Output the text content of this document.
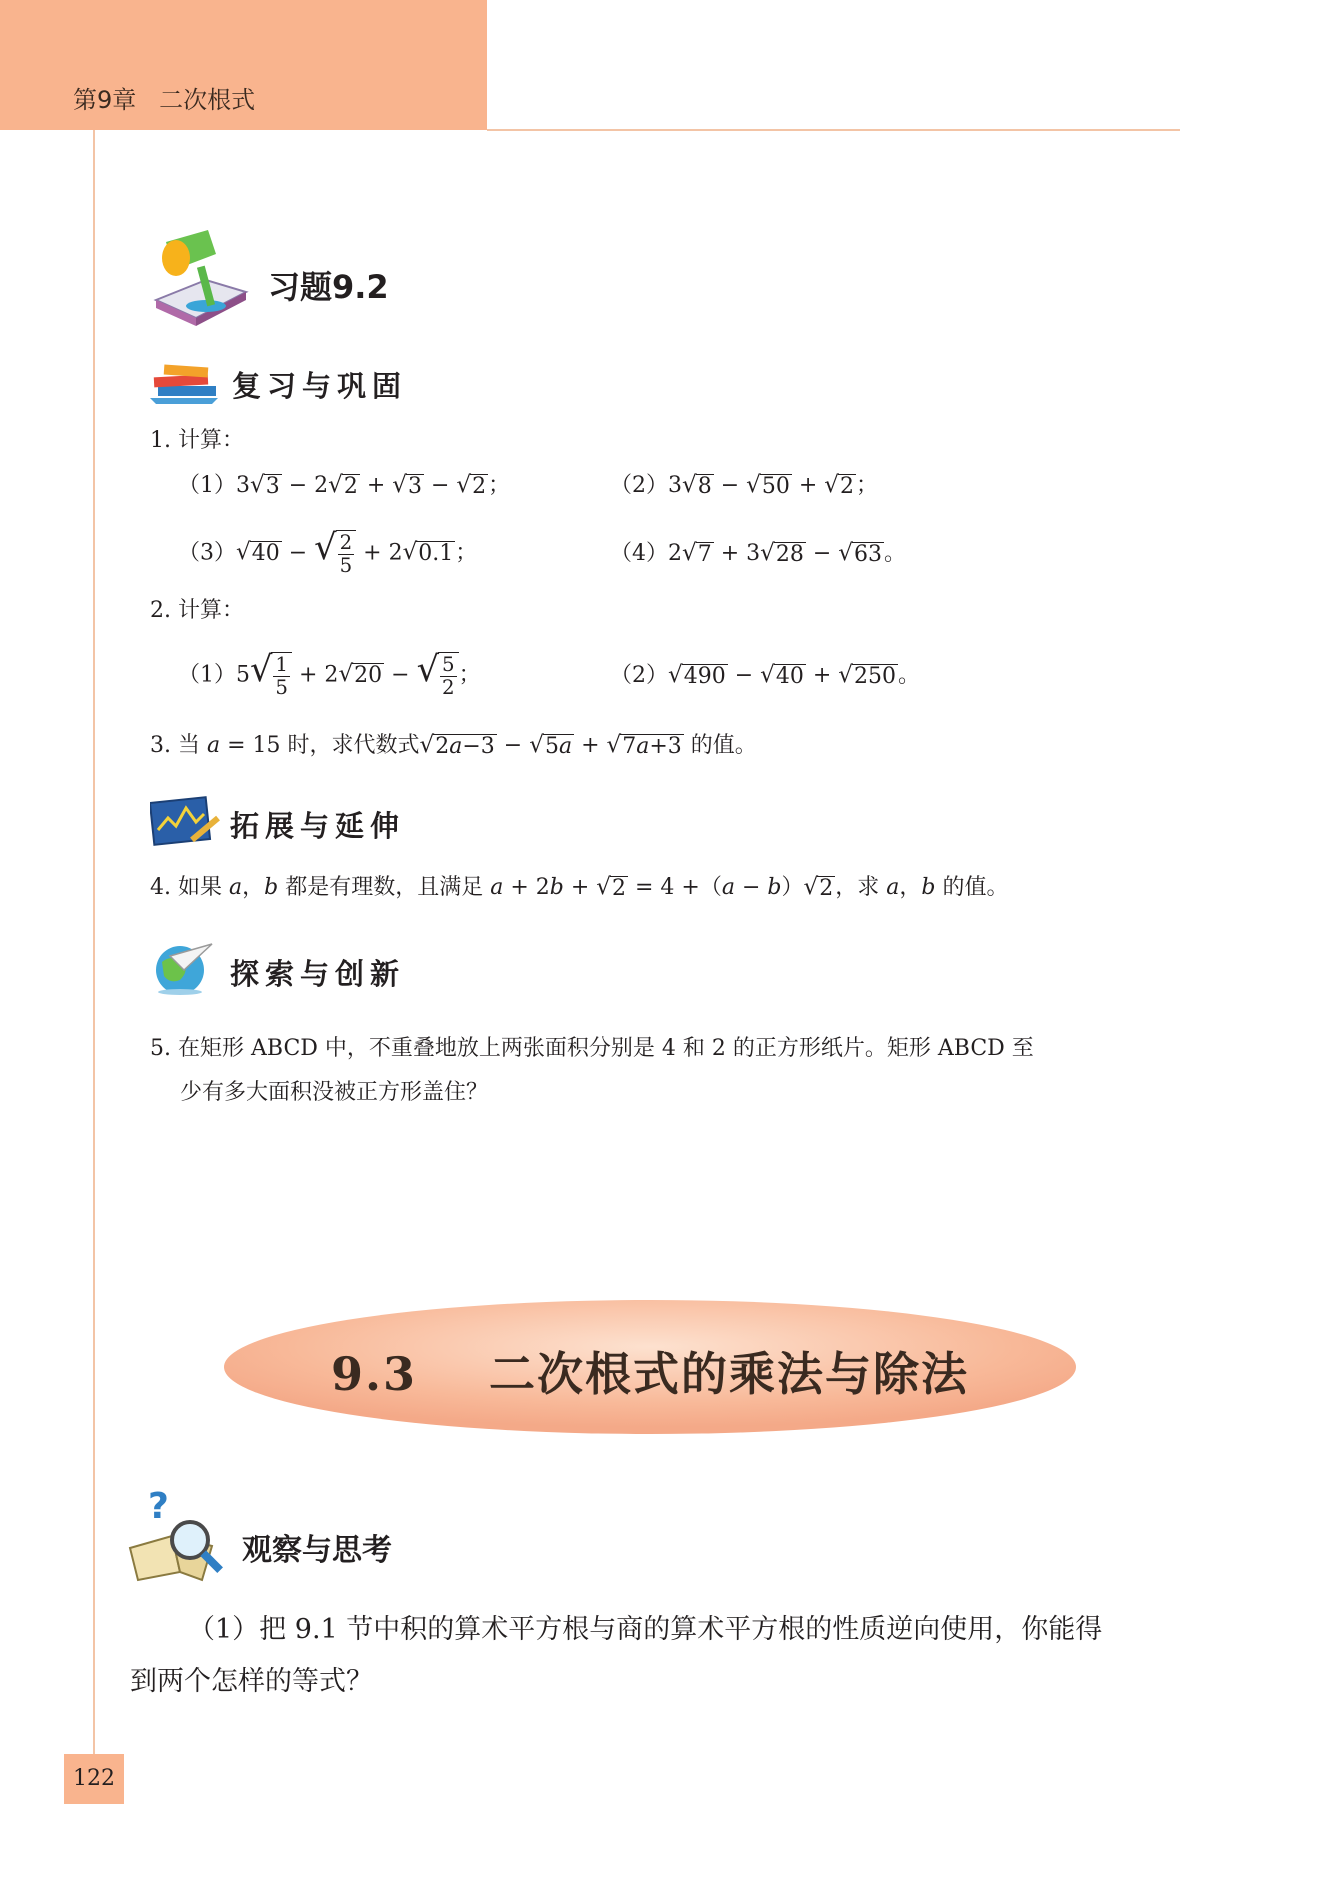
第9章 二次根式
习题9.2
复习与巩固
1. 计算：
（1）3 √ 3 − 2 √ 2 + √ 3 − √ 2 ；	（2）3 √ 8 − √ 50 + √ 2 ；
（3） √ 40 − √ $\frac{2}{5} + 2$ √ 0.1 ；	（4）2 √ 7 + 3 √ 28 − √ 63 。
2. 计算：
（1）5 √ $\frac{1}{5} + 2$ √ 20 − √ $\frac{5}{2}$ ；	（2） √ 490 − √ 40 + √ 250 。
3. 当 a = 15 时，求代数式 √ 2a−3 − √ 5a + √ 7a+3 的值。
拓展与延伸
4. 如果 a，b 都是有理数，且满足 a + 2b + √ 2 = 4 +（a − b） √ 2 ，求 a，b 的值。
探索与创新
5. 在矩形 ABCD 中，不重叠地放上两张面积分别是 4 和 2 的正方形纸片。矩形 ABCD 至
少有多大面积没被正方形盖住？
9.3 二次根式的乘法与除法
?
观察与思考
（1）把 9.1 节中积的算术平方根与商的算术平方根的性质逆向使用，你能得
到两个怎样的等式？
122
